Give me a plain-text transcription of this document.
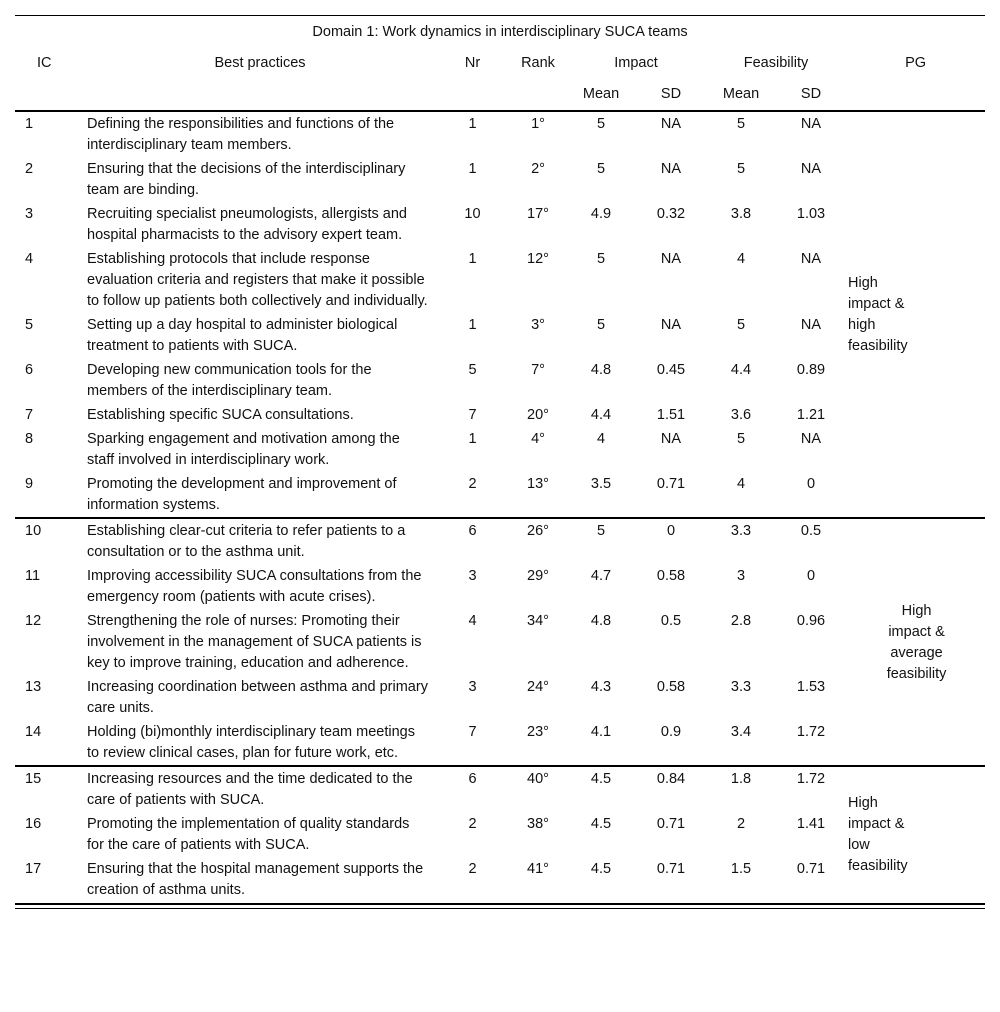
Domain 1: Work dynamics in interdisciplinary SUCA teams								
IC	Best practices	Nr	Rank	Impact		Feasibility		PG
				Mean	SD	Mean	SD	
1	Defining the responsibilities and functions of the interdisciplinary team members.	1	1°	5	NA	5	NA	High
impact &
high
feasibility

2	Ensuring that the decisions of the interdisciplinary team are binding.	1	2°	5	NA	5	NA	
3	Recruiting specialist pneumologists, allergists and hospital pharmacists to the advisory expert team.	10	17°	4.9	0.32	3.8	1.03	
4	Establishing protocols that include response evaluation criteria and registers that make it possible to follow up patients both collectively and individually.	1	12°	5	NA	4	NA	
5	Setting up a day hospital to administer biological treatment to patients with SUCA.	1	3°	5	NA	5	NA	
6	Developing new communication tools for the members of the interdisciplinary team.	5	7°	4.8	0.45	4.4	0.89	
7	Establishing specific SUCA consultations.	7	20°	4.4	1.51	3.6	1.21	
8	Sparking engagement and motivation among the staff involved in interdisciplinary work.	1	4°	4	NA	5	NA	
9	Promoting the development and improvement of information systems.	2	13°	3.5	0.71	4	0	
10	Establishing clear-cut criteria to refer patients to a consultation or to the asthma unit.	6	26°	5	0	3.3	0.5	High
impact &
average
feasibility

11	Improving accessibility SUCA consultations from the emergency room (patients with acute crises).	3	29°	4.7	0.58	3	0	
12	Strengthening the role of nurses: Promoting their involvement in the management of SUCA patients is key to improve training, education and adherence.	4	34°	4.8	0.5	2.8	0.96	
13	Increasing coordination between asthma and primary care units.	3	24°	4.3	0.58	3.3	1.53	
14	Holding (bi)monthly interdisciplinary team meetings to review clinical cases, plan for future work, etc.	7	23°	4.1	0.9	3.4	1.72	
15	Increasing resources and the time dedicated to the care of patients with SUCA.	6	40°	4.5	0.84	1.8	1.72	High
impact &
low
feasibility

16	Promoting the implementation of quality standards for the care of patients with SUCA.	2	38°	4.5	0.71	2	1.41	
17	Ensuring that the hospital management supports the creation of asthma units.	2	41°	4.5	0.71	1.5	0.71	
